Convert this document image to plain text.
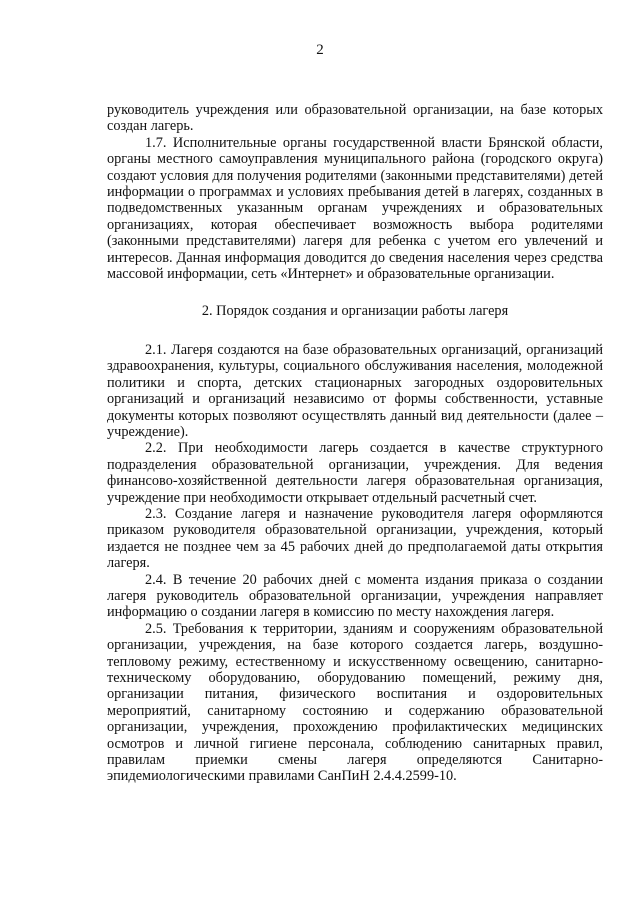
2

руководитель учреждения или образовательной организации, на базе которых создан лагерь.

1.7. Исполнительные органы государственной власти Брянской области, органы местного самоуправления муниципального района (городского округа) создают условия для получения родителями (законными представителями) детей информации о программах и условиях пребывания детей в лагерях, созданных в подведомственных указанным органам учреждениях и образовательных организациях, которая обеспечивает возможность выбора родителями (законными представителями) лагеря для ребенка с учетом его увлечений и интересов. Данная информация доводится до сведения населения через средства массовой информации, сеть «Интернет» и образовательные организации.

2. Порядок создания и организации работы лагеря

2.1. Лагеря создаются на базе образовательных организаций, организаций здравоохранения, культуры, социального обслуживания населения, молодежной политики и спорта, детских стационарных загородных оздоровительных организаций и организаций независимо от формы собственности, уставные документы которых позволяют осуществлять данный вид деятельности (далее – учреждение).

2.2. При необходимости лагерь создается в качестве структурного подразделения образовательной организации, учреждения. Для ведения финансово-хозяйственной деятельности лагеря образовательная организация, учреждение при необходимости открывает отдельный расчетный счет.

2.3. Создание лагеря и назначение руководителя лагеря оформляются приказом руководителя образовательной организации, учреждения, который издается не позднее чем за 45 рабочих дней до предполагаемой даты открытия лагеря.

2.4. В течение 20 рабочих дней с момента издания приказа о создании лагеря руководитель образовательной организации, учреждения направляет информацию о создании лагеря в комиссию по месту нахождения лагеря.

2.5. Требования к территории, зданиям и сооружениям образовательной организации, учреждения, на базе которого создается лагерь, воздушно-тепловому режиму, естественному и искусственному освещению, санитарно-техническому оборудованию, оборудованию помещений, режиму дня, организации питания, физического воспитания и оздоровительных мероприятий, санитарному состоянию и содержанию образовательной организации, учреждения, прохождению профилактических медицинских осмотров и личной гигиене персонала, соблюдению санитарных правил, правилам приемки смены лагеря определяются Санитарно-эпидемиологическими правилами СанПиН 2.4.4.2599-10.
